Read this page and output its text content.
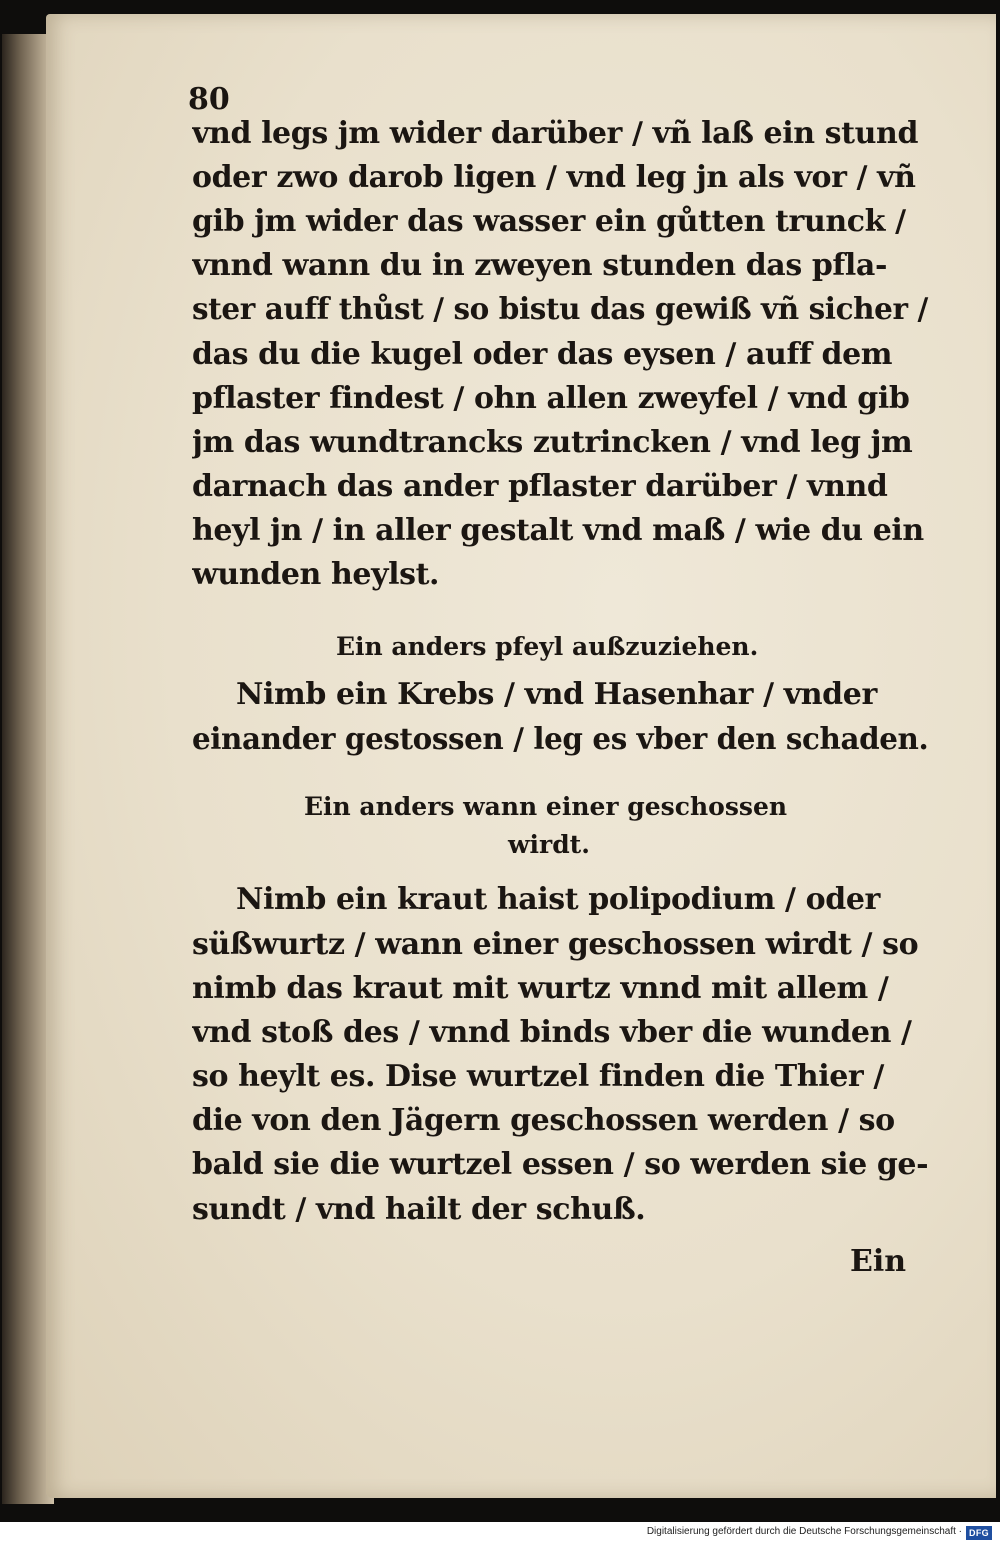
80
vnd legs jm wider darüber / vñ laß ein stund
oder zwo darob ligen / vnd leg jn als vor / vñ
gib jm wider das wasser ein gůtten trunck /
vnnd wann du in zweyen stunden das pfla-
ster auff thůst / so bistu das gewiß vñ sicher /
das du die kugel oder das eysen / auff dem
pflaster findest / ohn allen zweyfel / vnd gib
jm das wundtrancks zutrincken / vnd leg jm
darnach das ander pflaster darüber / vnnd
heyl jn / in aller gestalt vnd maß / wie du ein
wunden heylst.
Ein anders pfeyl außzuziehen.
Nimb ein Krebs / vnd Hasenhar / vnder
einander gestossen / leg es vber den schaden.
Ein anders wann einer geschossen
wirdt.
Nimb ein kraut haist polipodium / oder
süßwurtz / wann einer geschossen wirdt / so
nimb das kraut mit wurtz vnnd mit allem /
vnd stoß des / vnnd binds vber die wunden /
so heylt es. Dise wurtzel finden die Thier /
die von den Jägern geschossen werden / so
bald sie die wurtzel essen / so werden sie ge-
sundt / vnd hailt der schuß.
Ein
Digitalisierung gefördert durch die Deutsche Forschungsgemeinschaft · DFG
